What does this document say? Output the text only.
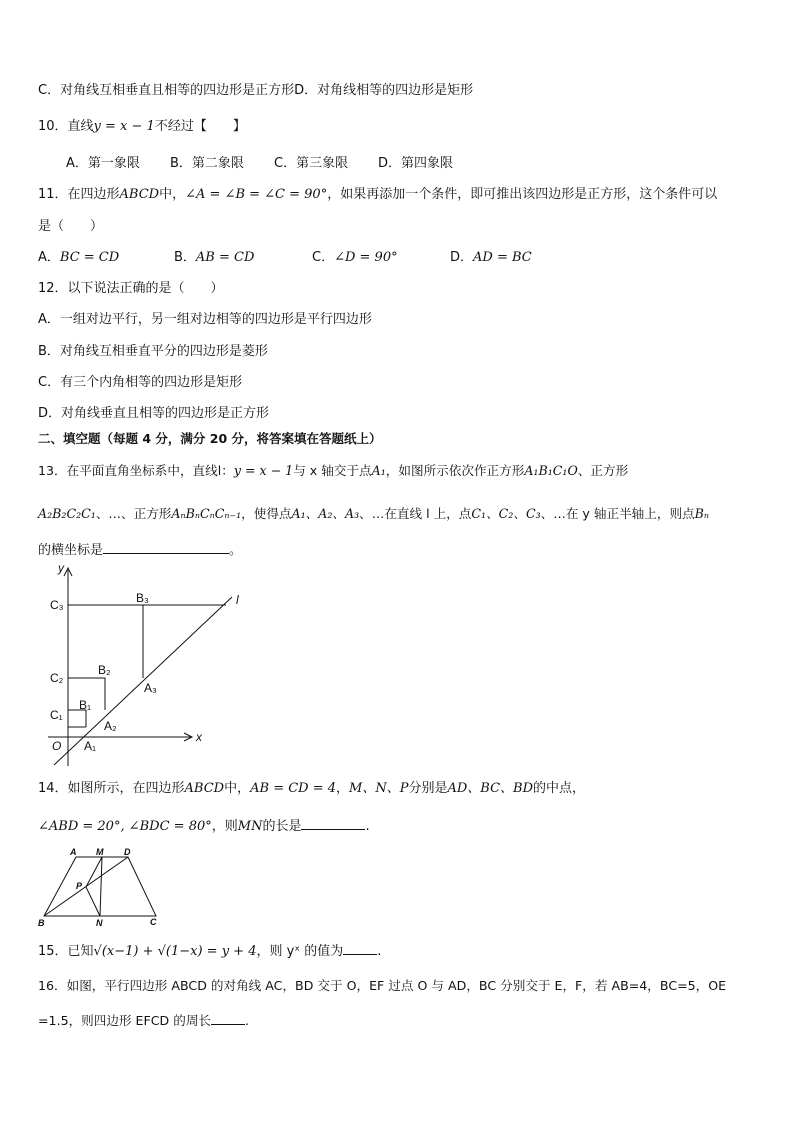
C．对角线互相垂直且相等的四边形是正方形D．对角线相等的四边形是矩形
10．直线y = x − 1不经过【　　】
A．第一象限 B．第二象限 C．第三象限 D．第四象限
11．在四边形ABCD中，∠A = ∠B = ∠C = 90°，如果再添加一个条件，即可推出该四边形是正方形，这个条件可以
是（　　）
A．BC = CD	B．AB = CD	C．∠D = 90°	D．AD = BC
12．以下说法正确的是（　　）
A．一组对边平行，另一组对边相等的四边形是平行四边形
B．对角线互相垂直平分的四边形是菱形
C．有三个内角相等的四边形是矩形
D．对角线垂直且相等的四边形是正方形
二、填空题（每题 4 分，满分 20 分，将答案填在答题纸上）
13．在平面直角坐标系中，直线l：y = x − 1与 x 轴交于点A₁，如图所示依次作正方形A₁B₁C₁O、正方形
A₂B₂C₂C₁、…、正方形AₙBₙCₙCₙ₋₁，使得点A₁、A₂、A₃、…在直线 l 上，点C₁、C₂、C₃、…在 y 轴正半轴上，则点Bₙ
的横坐标是	。
y
l
x
O
C₃	B₃
C₂
B₂
A₃
C₁
B₁
A₂
A₁
14．如图所示，在四边形ABCD中，AB = CD = 4，M、N、P分别是AD、BC、BD的中点，
∠ABD = 20°, ∠BDC = 80°，则MN的长是	.
A M D
P
B	N	C
15．已知√(x−1) + √(1−x) = y + 4，则 yˣ 的值为	.
16．如图，平行四边形 ABCD 的对角线 AC，BD 交于 O，EF 过点 O 与 AD，BC 分别交于 E，F，若 AB=4，BC=5，OE
=1.5，则四边形 EFCD 的周长	.
